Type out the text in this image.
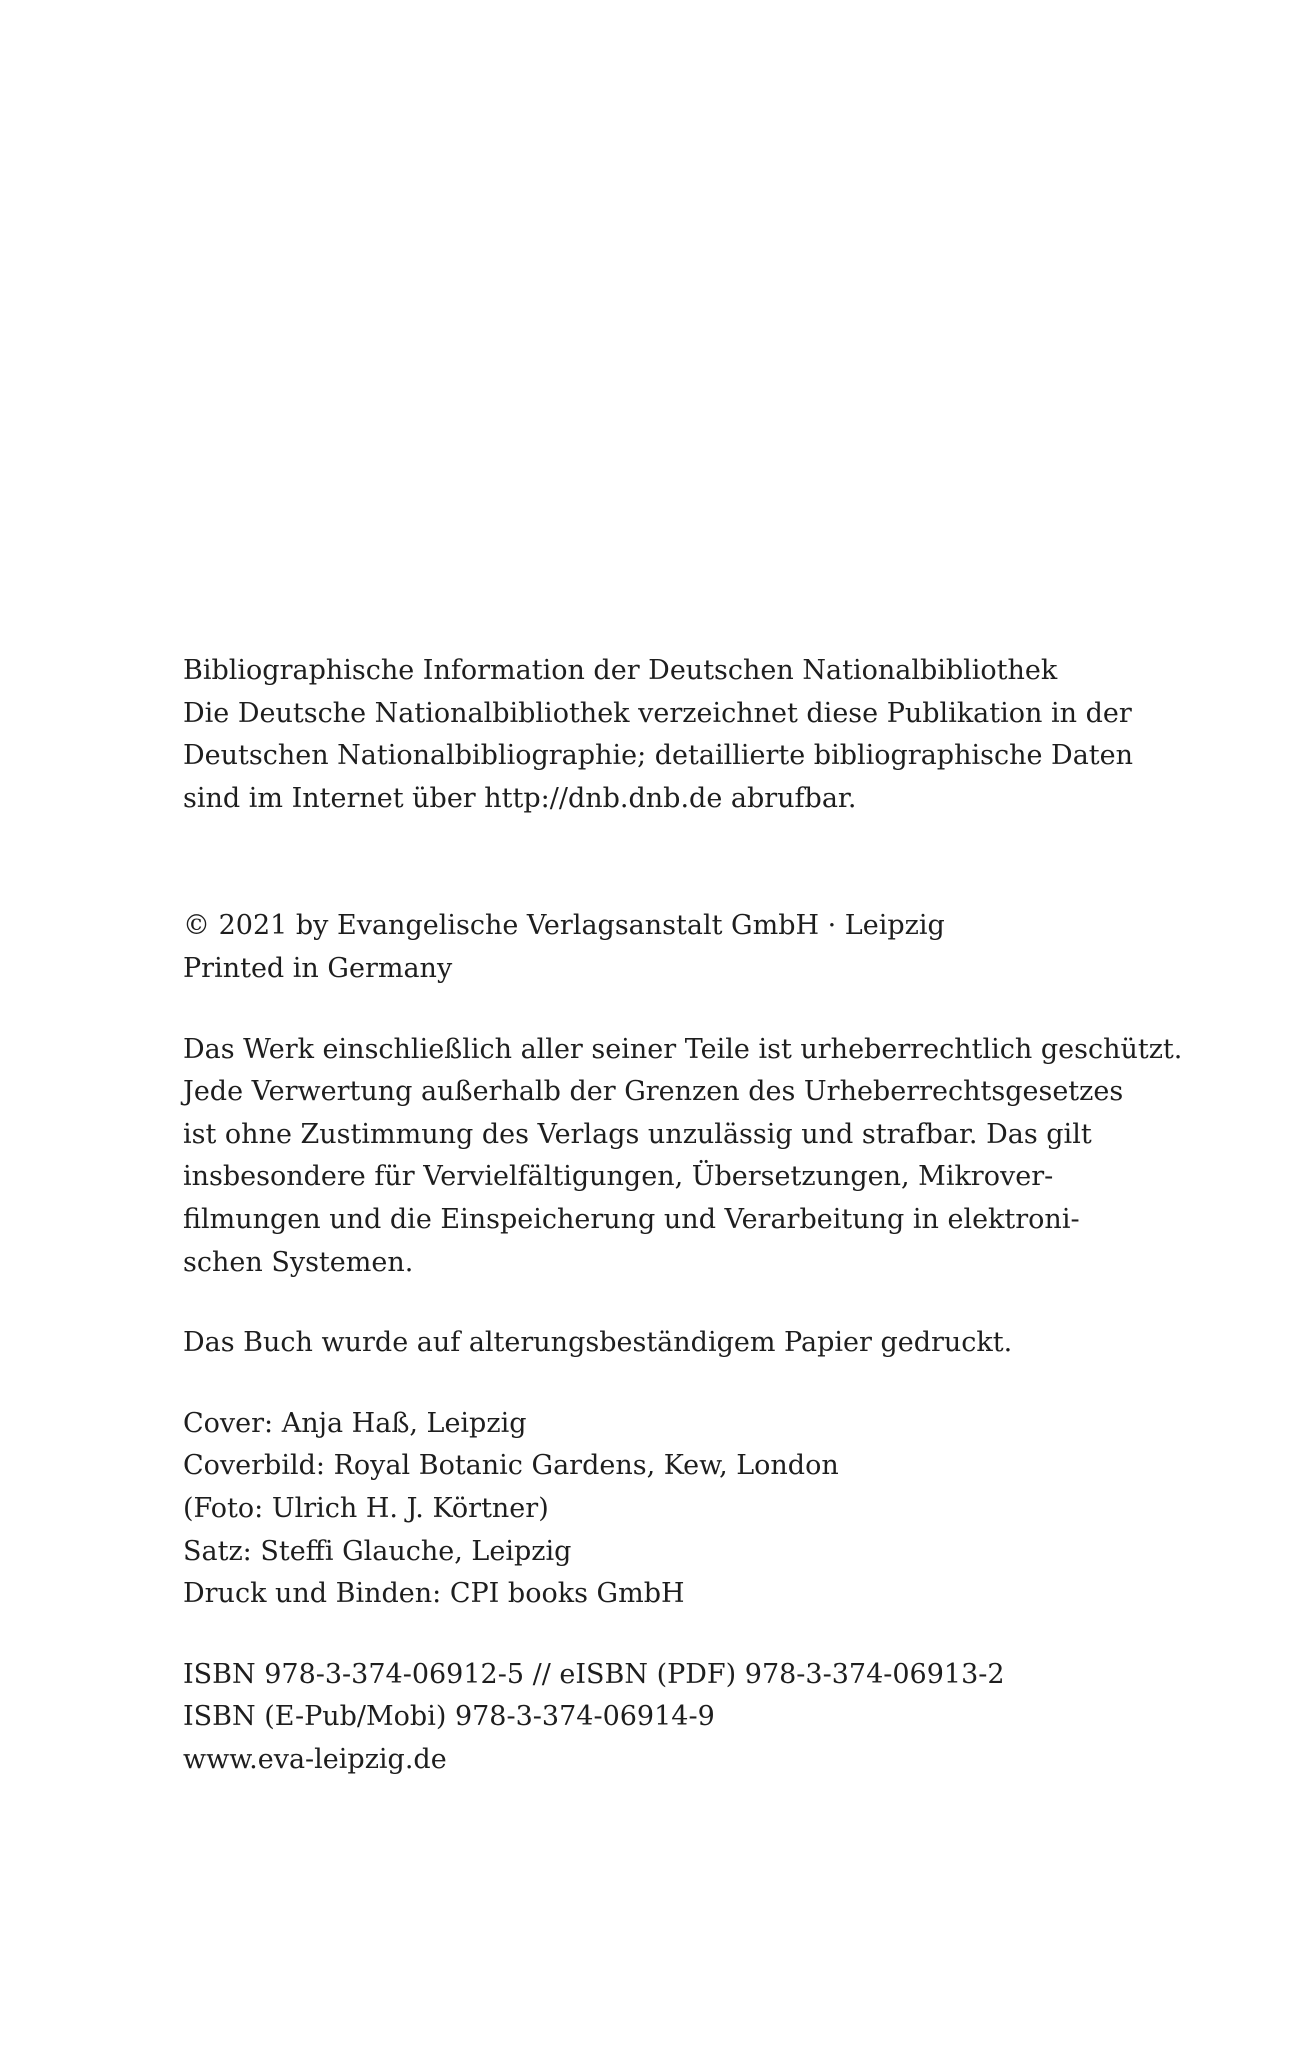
Bibliographische Information der Deutschen Nationalbibliothek
Die Deutsche Nationalbibliothek verzeichnet diese Publikation in der
Deutschen Nationalbibliographie; detaillierte bibliographische Daten
sind im Internet über http://dnb.dnb.de abrufbar.

© 2021 by Evangelische Verlagsanstalt GmbH · Leipzig
Printed in Germany

Das Werk einschließlich aller seiner Teile ist urheberrechtlich geschützt.
Jede Verwertung außerhalb der Grenzen des Urheberrechtsgesetzes
ist ohne Zustimmung des Verlags unzulässig und strafbar. Das gilt
insbesondere für Vervielfältigungen, Übersetzungen, Mikrover-
filmungen und die Einspeicherung und Verarbeitung in elektroni-
schen Systemen.

Das Buch wurde auf alterungsbeständigem Papier gedruckt.

Cover: Anja Haß, Leipzig
Coverbild: Royal Botanic Gardens, Kew, London
(Foto: Ulrich H. J. Körtner)
Satz: Steffi Glauche, Leipzig
Druck und Binden: CPI books GmbH

ISBN 978-3-374-06912-5 // eISBN (PDF) 978-3-374-06913-2
ISBN (E-Pub/Mobi) 978-3-374-06914-9
www.eva-leipzig.de
